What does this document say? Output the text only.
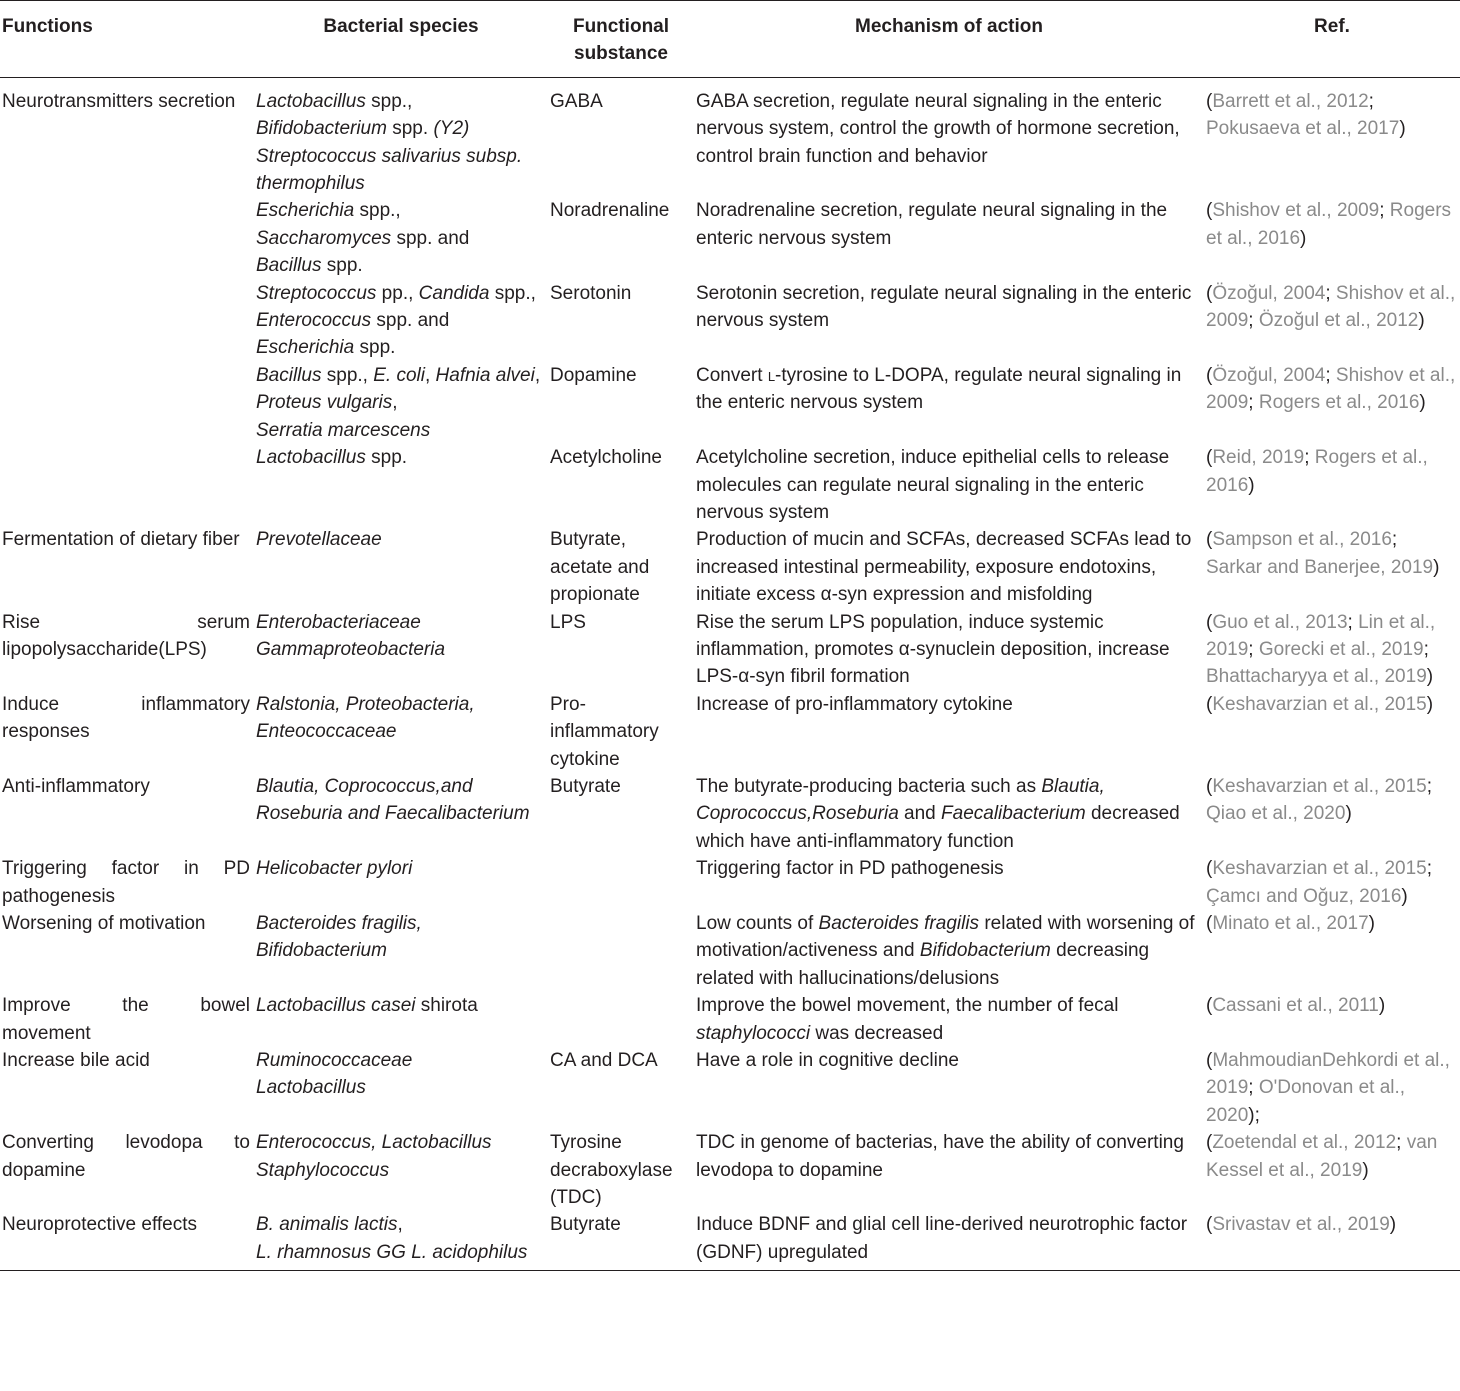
Functions	Bacterial species	Functional substance	Mechanism of action	Ref.
Neurotransmitters secretion	Lactobacillus spp.,
Bifidobacterium spp. (Y2)
Streptococcus salivarius subsp. thermophilus	GABA	GABA secretion, regulate neural signaling in the enteric nervous system, control the growth of hormone secretion, control brain function and behavior	(Barrett et al., 2012; Pokusaeva et al., 2017)

	Escherichia spp.,
Saccharomyces spp. and
Bacillus spp.	Noradrenaline	Noradrenaline secretion, regulate neural signaling in the enteric nervous system	(Shishov et al., 2009; Rogers et al., 2016)

	Streptococcus pp., Candida spp., Enterococcus spp. and
Escherichia spp.	Serotonin	Serotonin secretion, regulate neural signaling in the enteric nervous system	(Özoğul, 2004; Shishov et al., 2009; Özoğul et al., 2012)

	Bacillus spp., E. coli, Hafnia alvei,
Proteus vulgaris,
Serratia marcescens	Dopamine	Convert l-tyrosine to L-DOPA, regulate neural signaling in the enteric nervous system	(Özoğul, 2004; Shishov et al., 2009; Rogers et al., 2016)

	Lactobacillus spp.	Acetylcholine	Acetylcholine secretion, induce epithelial cells to release molecules can regulate neural signaling in the enteric nervous system	(Reid, 2019; Rogers et al., 2016)
Fermentation of dietary fiber	Prevotellaceae	Butyrate, acetate and propionate	Production of mucin and SCFAs, decreased SCFAs lead to increased intestinal permeability, exposure endotoxins, initiate excess α-syn expression and misfolding	(Sampson et al., 2016; Sarkar and Banerjee, 2019)
Rise serum lipopolysaccharide(LPS)	Enterobacteriaceae
Gammaproteobacteria	LPS	Rise the serum LPS population, induce systemic inflammation, promotes α-synuclein deposition, increase LPS-α-syn fibril formation	(Guo et al., 2013; Lin et al., 2019; Gorecki et al., 2019; Bhattacharyya et al., 2019)
Induce inflammatory responses	Ralstonia, Proteobacteria, Enteococcaceae	Pro-inflammatory cytokine	Increase of pro-inflammatory cytokine	(Keshavarzian et al., 2015)
Anti-inflammatory	Blautia, Coprococcus,and Roseburia and Faecalibacterium	Butyrate	The butyrate-producing bacteria such as Blautia, Coprococcus,Roseburia and Faecalibacterium decreased which have anti-inflammatory function	(Keshavarzian et al., 2015; Qiao et al., 2020)
Triggering factor in PD pathogenesis	Helicobacter pylori		Triggering factor in PD pathogenesis	(Keshavarzian et al., 2015; Çamcı and Oğuz, 2016)
Worsening of motivation	Bacteroides fragilis, Bifidobacterium		Low counts of Bacteroides fragilis related with worsening of motivation/activeness and Bifidobacterium decreasing related with hallucinations/delusions	(Minato et al., 2017)
Improve the bowel movement	Lactobacillus casei shirota		Improve the bowel movement, the number of fecal staphylococci was decreased	(Cassani et al., 2011)
Increase bile acid	Ruminococcaceae
Lactobacillus	CA and DCA	Have a role in cognitive decline	(MahmoudianDehkordi et al., 2019; O'Donovan et al., 2020);
Converting levodopa to dopamine	Enterococcus, Lactobacillus Staphylococcus	Tyrosine decraboxylase (TDC)	TDC in genome of bacterias, have the ability of converting levodopa to dopamine	(Zoetendal et al., 2012; van Kessel et al., 2019)
Neuroprotective effects	B. animalis lactis,
L. rhamnosus GG L. acidophilus	Butyrate	Induce BDNF and glial cell line-derived neurotrophic factor (GDNF) upregulated	(Srivastav et al., 2019)
